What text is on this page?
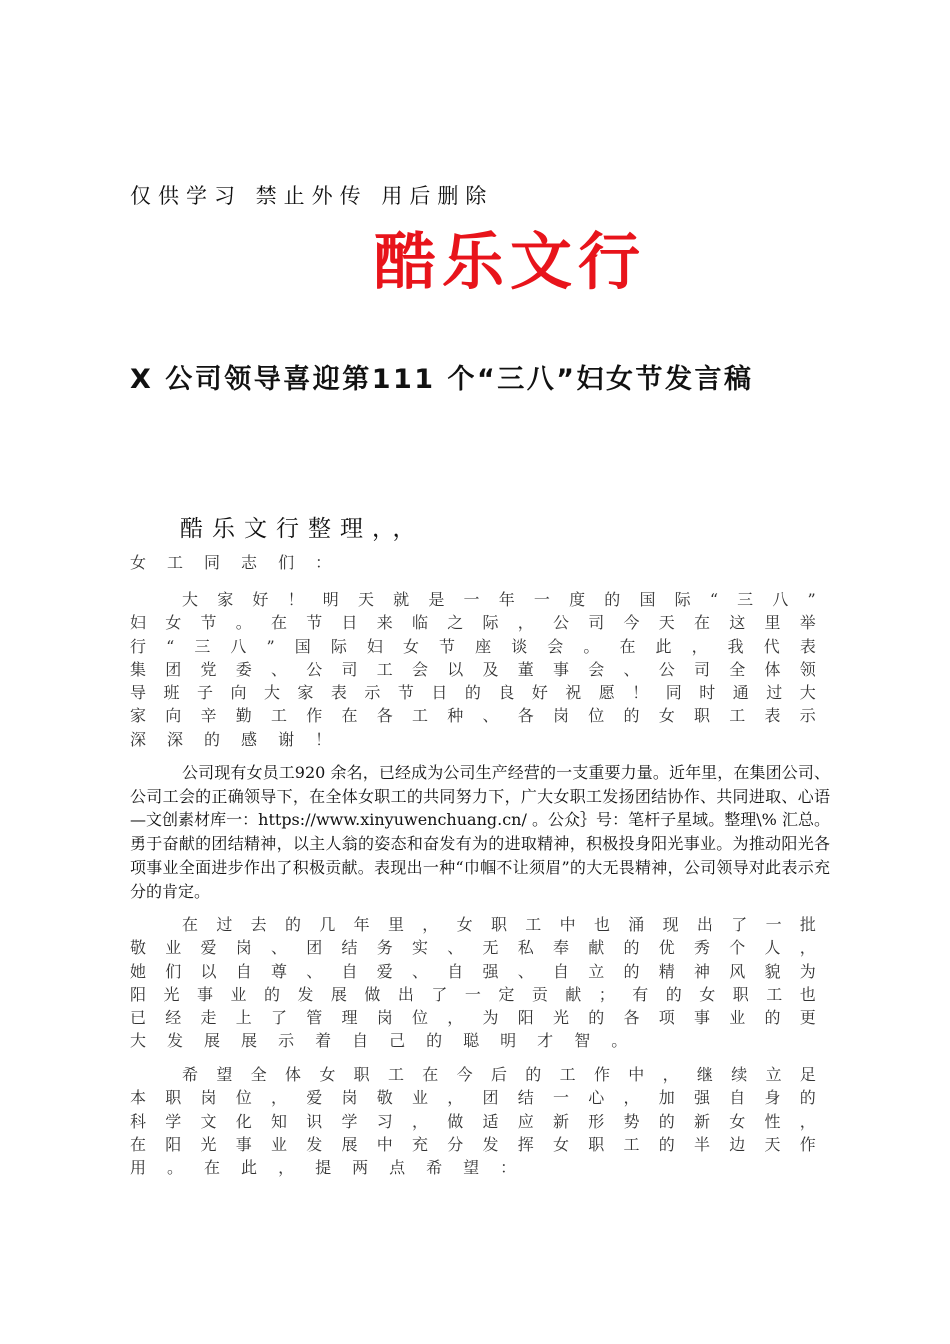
仅供学习 禁止外传 用后删除
酷乐文行
X 公司领导喜迎第111 个“三八”妇女节发言稿
酷乐文行整理，，
女 工 同 志 们 ：
大 家 好 ！ 明 天 就 是 一 年 一 度 的 国 际 “ 三 八 ”
妇 女 节 。 在 节 日 来 临 之 际 ， 公 司 今 天 在 这 里 举
行 “ 三 八 ” 国 际 妇 女 节 座 谈 会 。 在 此 ， 我 代 表
集 团 党 委 、 公 司 工 会 以 及 董 事 会 、 公 司 全 体 领
导 班 子 向 大 家 表 示 节 日 的 良 好 祝 愿 ！ 同 时 通 过 大
家 向 辛 勤 工 作 在 各 工 种 、 各 岗 位 的 女 职 工 表 示
深 深 的 感 谢 ！
公司现有女员工920 余名，已经成为公司生产经营的一支重要力量。近年里，在集团公司、公司工会的正确领导下，在全体女职工的共同努力下，广大女职工发扬团结协作、共同进取、心语—文创素材库一：https://www.xinyuwenchuang.cn/ 。公众｝号：笔杆子星域。整理\% 汇总。勇于奋献的团结精神，以主人翁的姿态和奋发有为的进取精神，积极投身阳光事业。为推动阳光各项事业全面进步作出了积极贡献。表现出一种“巾帼不让须眉”的大无畏精神，公司领导对此表示充分的肯定。
在 过 去 的 几 年 里 ， 女 职 工 中 也 涌 现 出 了 一 批
敬 业 爱 岗 、 团 结 务 实 、 无 私 奉 献 的 优 秀 个 人 ，
她 们 以 自 尊 、 自 爱 、 自 强 、 自 立 的 精 神 风 貌 为
阳 光 事 业 的 发 展 做 出 了 一 定 贡 献 ； 有 的 女 职 工 也
已 经 走 上 了 管 理 岗 位 ， 为 阳 光 的 各 项 事 业 的 更
大 发 展 展 示 着 自 己 的 聪 明 才 智 。
希 望 全 体 女 职 工 在 今 后 的 工 作 中 ， 继 续 立 足
本 职 岗 位 ， 爱 岗 敬 业 ， 团 结 一 心 ， 加 强 自 身 的
科 学 文 化 知 识 学 习 ， 做 适 应 新 形 势 的 新 女 性 ，
在 阳 光 事 业 发 展 中 充 分 发 挥 女 职 工 的 半 边 天 作
用 。 在 此 ， 提 两 点 希 望 ：
